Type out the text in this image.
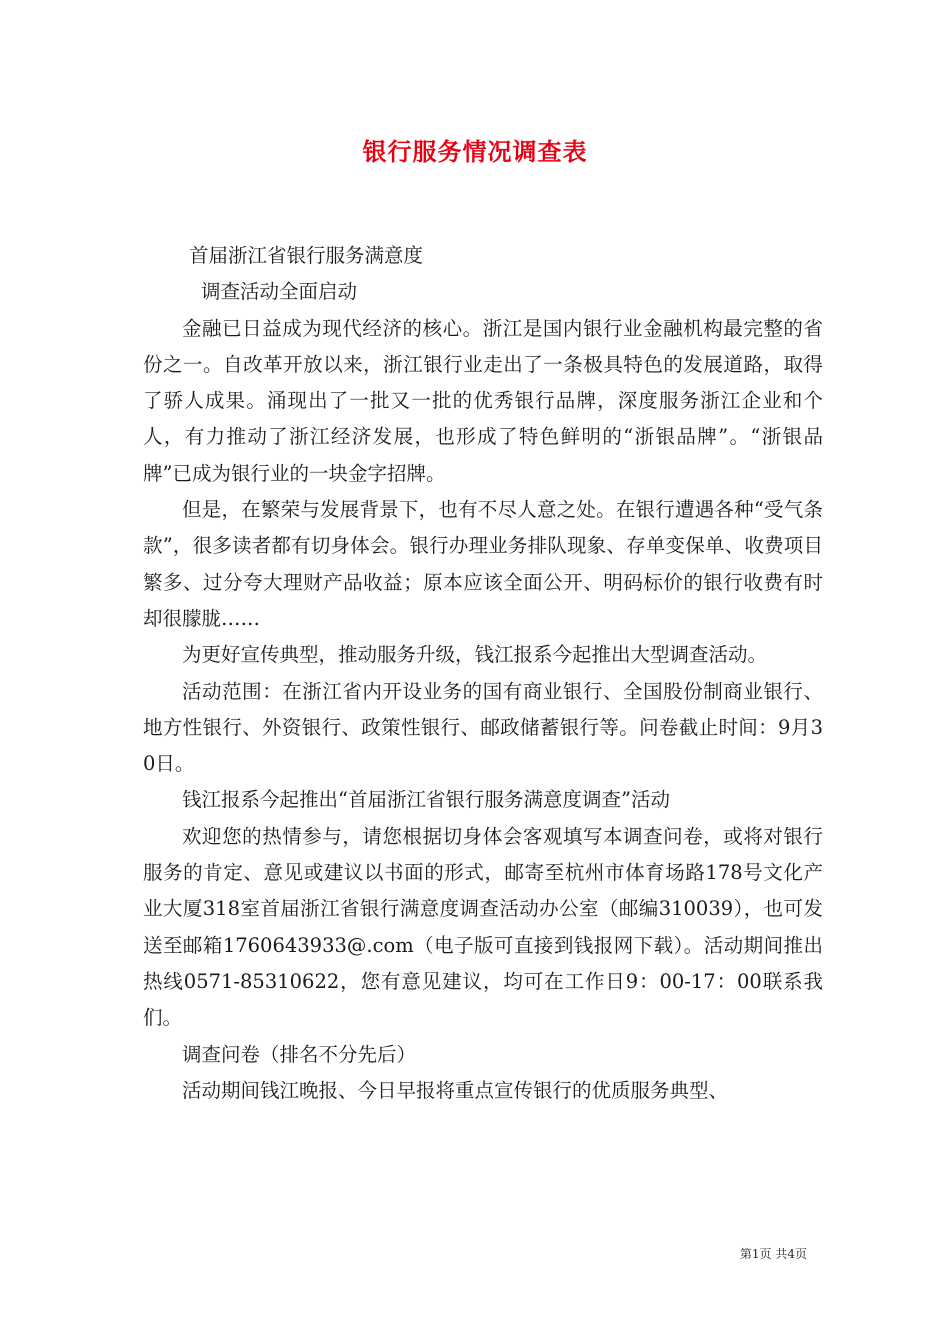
银行服务情况调查表

首届浙江省银行服务满意度

调查活动全面启动

金融已日益成为现代经济的核心。浙江是国内银行业金融机构最完整的省份之一。自改革开放以来，浙江银行业走出了一条极具特色的发展道路，取得了骄人成果。涌现出了一批又一批的优秀银行品牌，深度服务浙江企业和个人，有力推动了浙江经济发展，也形成了特色鲜明的“浙银品牌”。“浙银品牌”已成为银行业的一块金字招牌。

但是，在繁荣与发展背景下，也有不尽人意之处。在银行遭遇各种“受气条款”，很多读者都有切身体会。银行办理业务排队现象、存单变保单、收费项目繁多、过分夸大理财产品收益；原本应该全面公开、明码标价的银行收费有时却很朦胧……

为更好宣传典型，推动服务升级，钱江报系今起推出大型调查活动。

活动范围：在浙江省内开设业务的国有商业银行、全国股份制商业银行、地方性银行、外资银行、政策性银行、邮政储蓄银行等。问卷截止时间：9月30日。

钱江报系今起推出“首届浙江省银行服务满意度调查”活动

欢迎您的热情参与，请您根据切身体会客观填写本调查问卷，或将对银行服务的肯定、意见或建议以书面的形式，邮寄至杭州市体育场路178号文化产业大厦318室首届浙江省银行满意度调查活动办公室（邮编310039），也可发送至邮箱1760643933@.com（电子版可直接到钱报网下载）。活动期间推出热线0571-85310622，您有意见建议，均可在工作日9：00-17：00联系我们。

调查问卷（排名不分先后）

活动期间钱江晚报、今日早报将重点宣传银行的优质服务典型、

第1页 共4页
